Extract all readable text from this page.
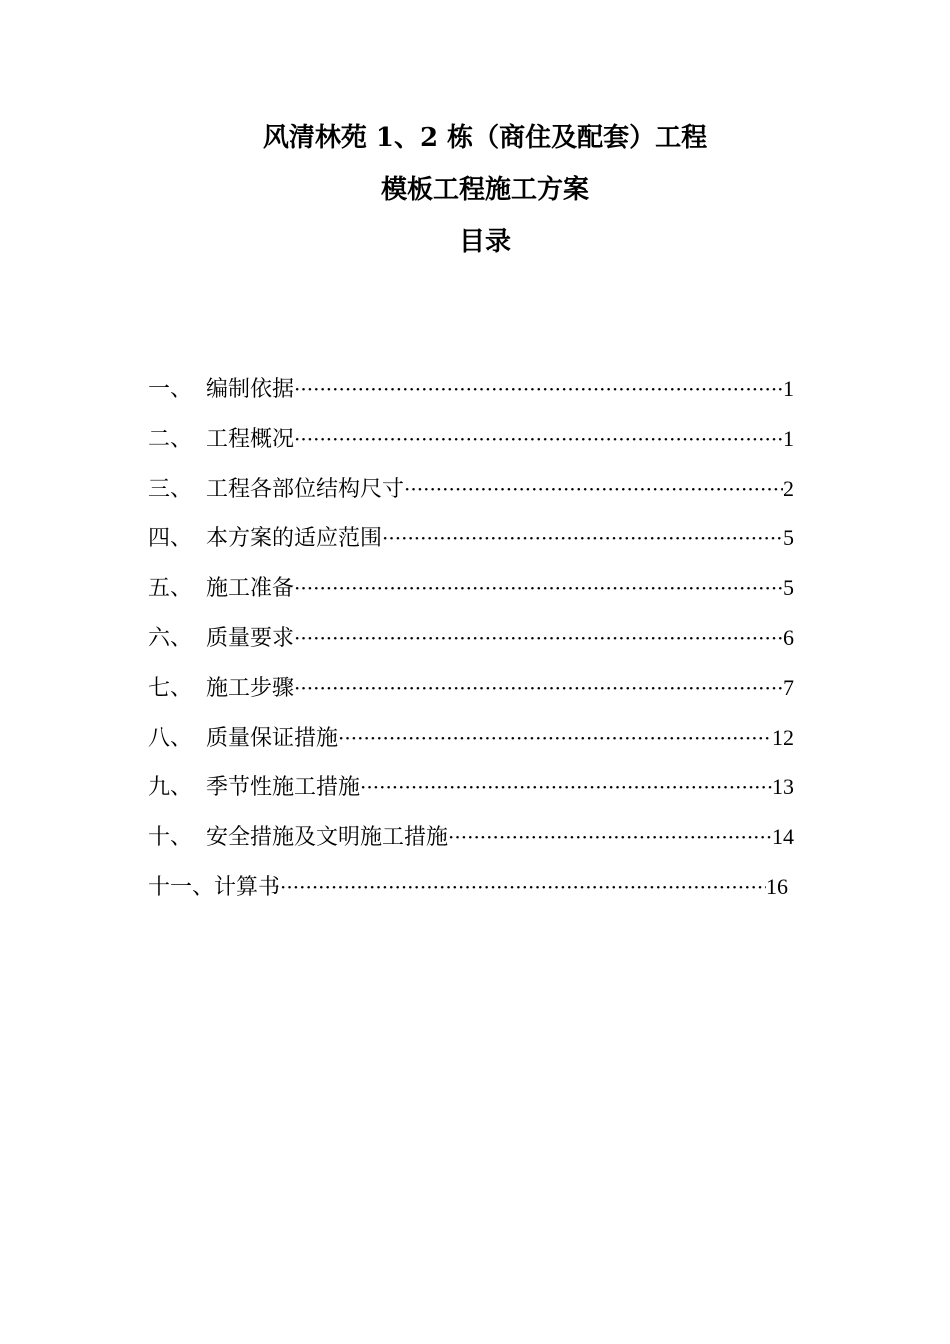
风清林苑 1、2 栋（商住及配套）工程
模板工程施工方案
目录
一、 编制依据 ·····	1
二、 工程概况 ·····	1
三、 工程各部位结构尺寸 ·····	2
四、 本方案的适应范围 ·····	5
五、 施工准备 ·····	5
六、 质量要求 ·····	6
七、 施工步骤 ·····	7
八、 质量保证措施 ·····	12
九、 季节性施工措施 ·····	13
十、 安全措施及文明施工措施 ·····	14
十一、 计算书 ·····	16
